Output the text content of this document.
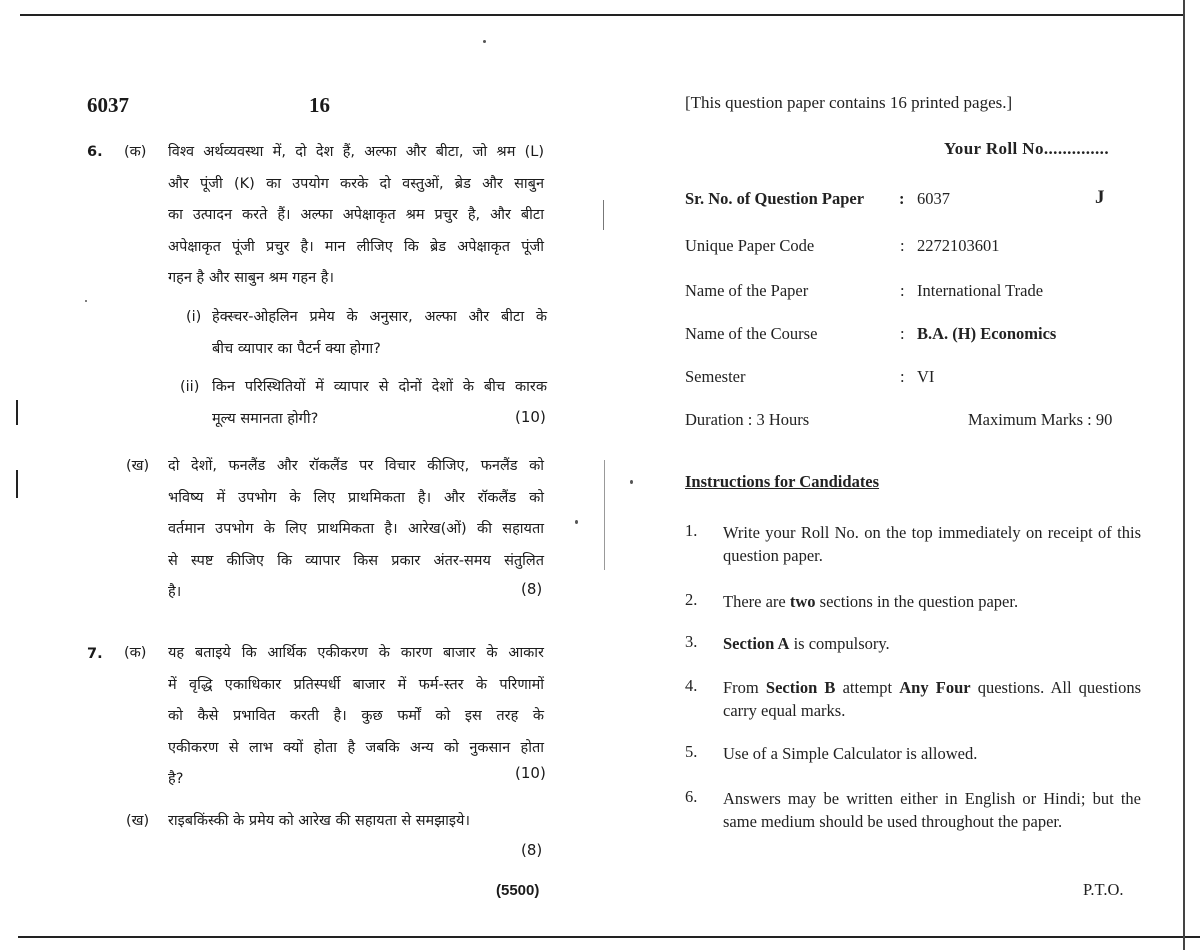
6037	16
6. (क) विश्व अर्थव्यवस्था में, दो देश हैं, अल्फा और बीटा, जो श्रम (L)
और पूंजी (K) का उपयोग करके दो वस्तुओं, ब्रेड और साबुन
का उत्पादन करते हैं। अल्फा अपेक्षाकृत श्रम प्रचुर है, और बीटा
अपेक्षाकृत पूंजी प्रचुर है। मान लीजिए कि ब्रेड अपेक्षाकृत पूंजी
गहन है और साबुन श्रम गहन है।
(i) हेक्स्चर-ओहलिन प्रमेय के अनुसार, अल्फा और बीटा के
बीच व्यापार का पैटर्न क्या होगा?
(ii) किन परिस्थितियों में व्यापार से दोनों देशों के बीच कारक
मूल्य समानता होगी?	(10)
(ख) दो देशों, फनलैंड और रॉकलैंड पर विचार कीजिए, फनलैंड को
भविष्य में उपभोग के लिए प्राथमिकता है। और रॉकलैंड को
वर्तमान उपभोग के लिए प्राथमिकता है। आरेख(ओं) की सहायता
से स्पष्ट कीजिए कि व्यापार किस प्रकार अंतर-समय संतुलित
है।	(8)
7. (क) यह बताइये कि आर्थिक एकीकरण के कारण बाजार के आकार
में वृद्धि एकाधिकार प्रतिस्पर्धी बाजार में फर्म-स्तर के परिणामों
को कैसे प्रभावित करती है। कुछ फर्मों को इस तरह के
एकीकरण से लाभ क्यों होता है जबकि अन्य को नुकसान होता
है?	(10)
(ख) राइबकिंस्की के प्रमेय को आरेख की सहायता से समझाइये।
(8)
(5500)
[This question paper contains 16 printed pages.]
Your Roll No..............
Sr. No. of Question Paper	: 6037	J
Unique Paper Code	: 2272103601
Name of the Paper	: International Trade
Name of the Course	: B.A. (H) Economics
Semester	: VI
Duration : 3 Hours	Maximum Marks : 90
Instructions for Candidates
1. Write your Roll No. on the top immediately on receipt of this question paper.
2. There are two sections in the question paper.
3. Section A is compulsory.
4. From Section B attempt Any Four questions. All questions carry equal marks.
5. Use of a Simple Calculator is allowed.
6. Answers may be written either in English or Hindi; but the same medium should be used throughout the paper.
P.T.O.
